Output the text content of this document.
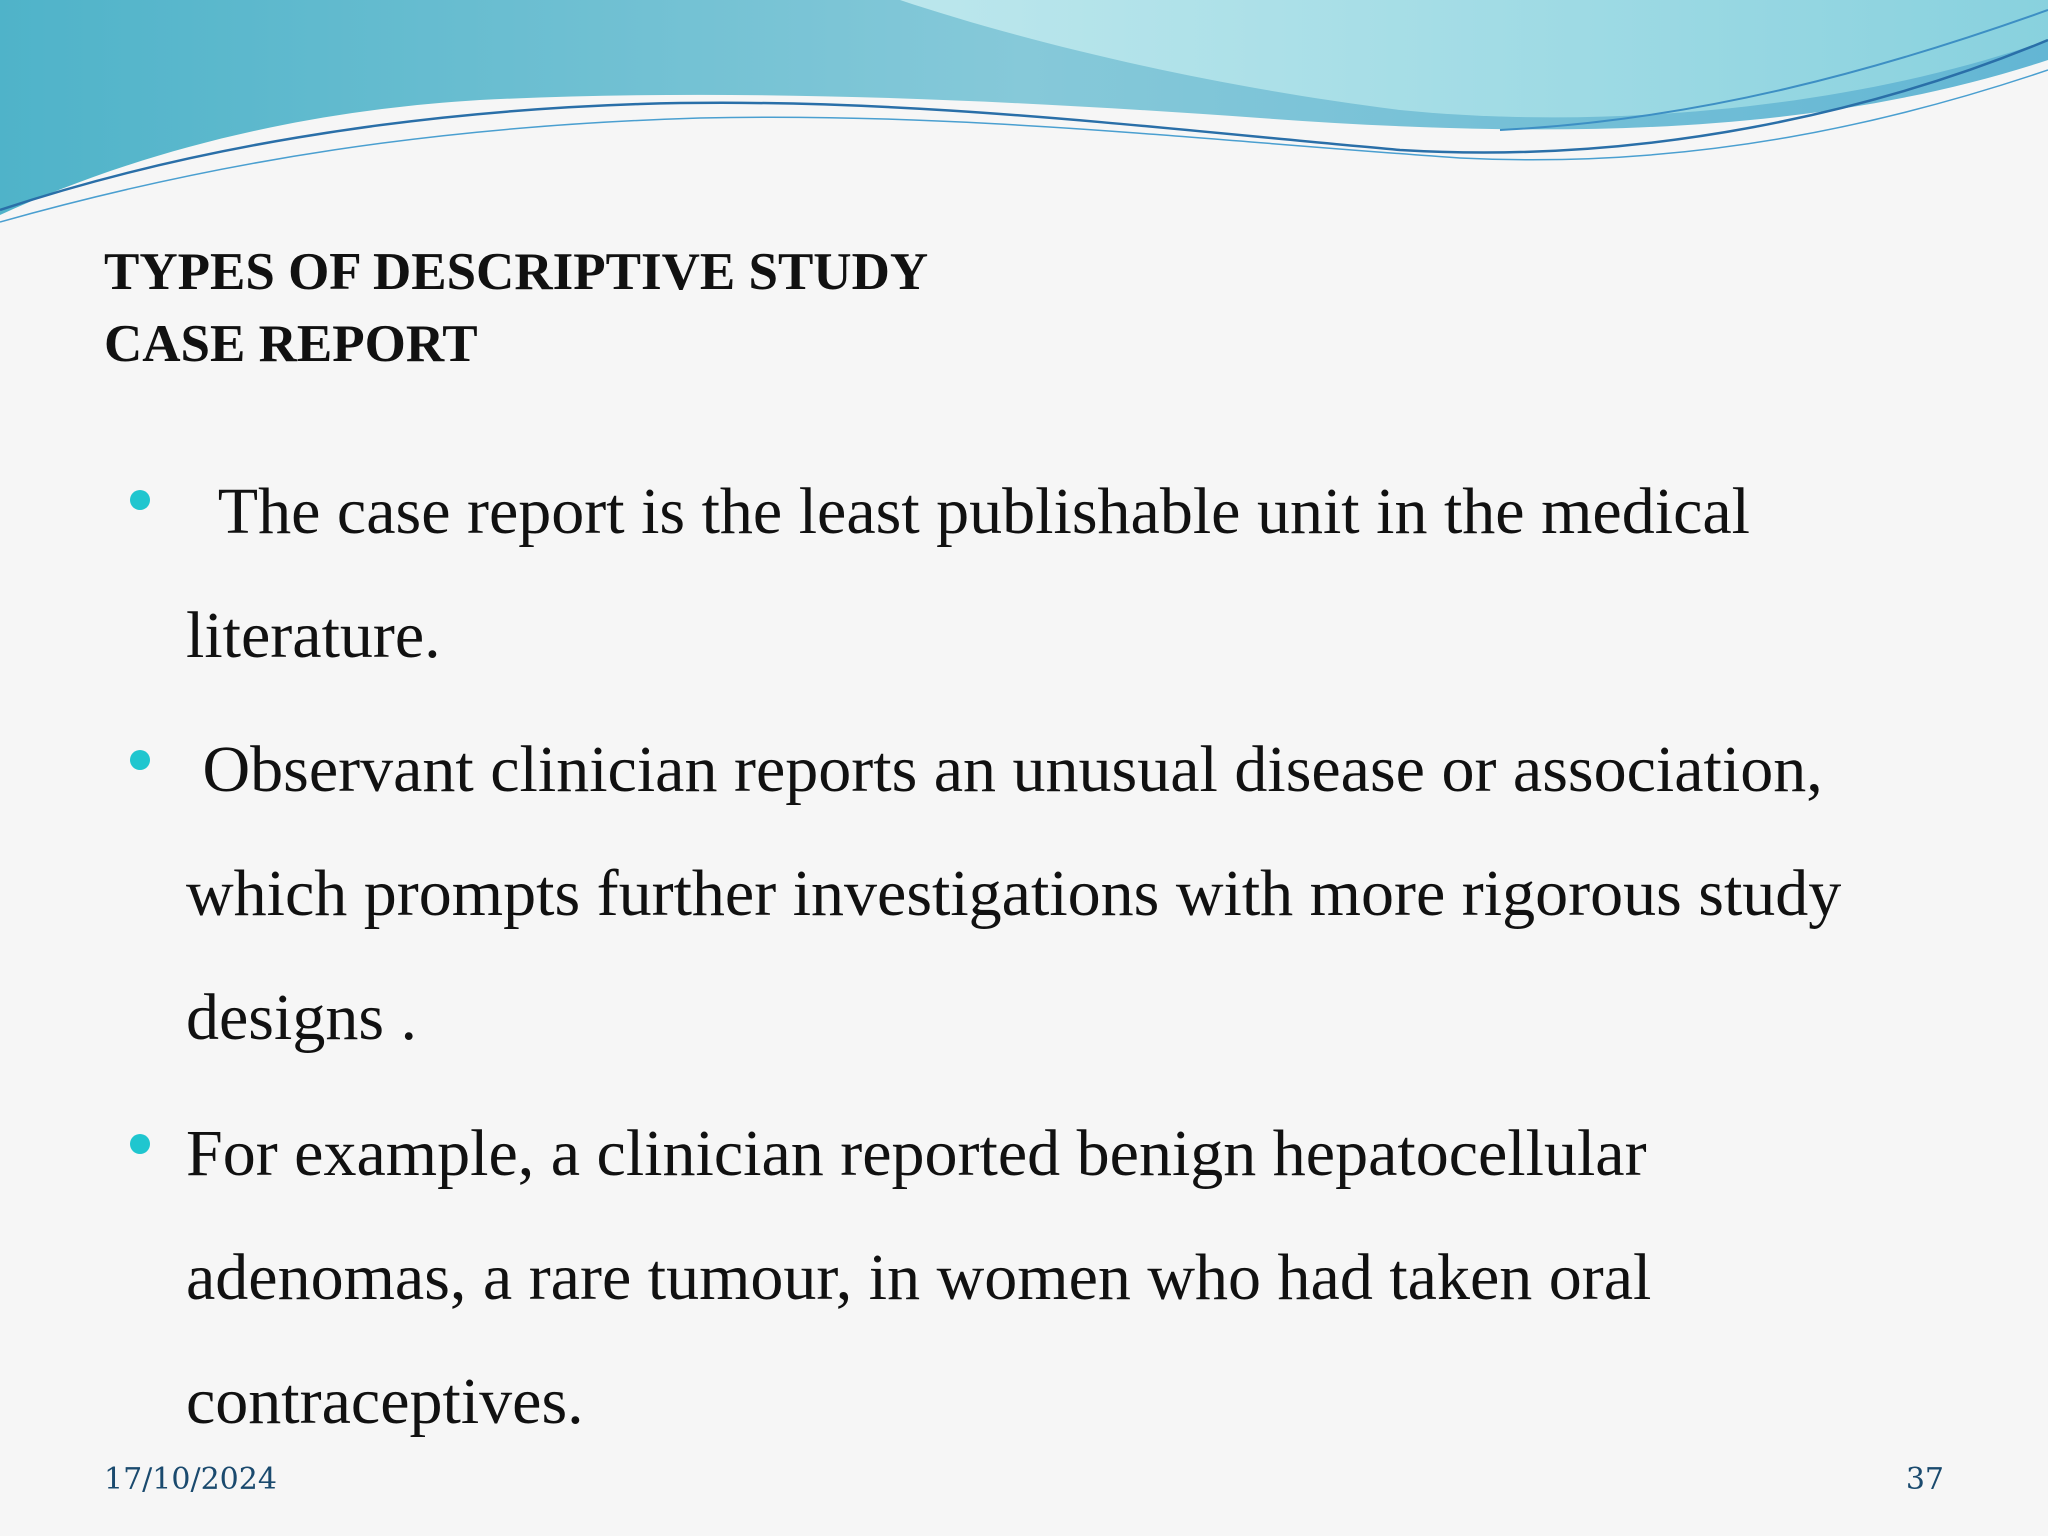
TYPES OF DESCRIPTIVE STUDY
CASE REPORT

The case report is the least publishable unit in the medical

literature.

Observant clinician reports an unusual disease or association,

which prompts further investigations with more rigorous study

designs .

For example, a clinician reported benign hepatocellular

adenomas, a rare tumour, in women who had taken oral

contraceptives.

17/10/2024	37
